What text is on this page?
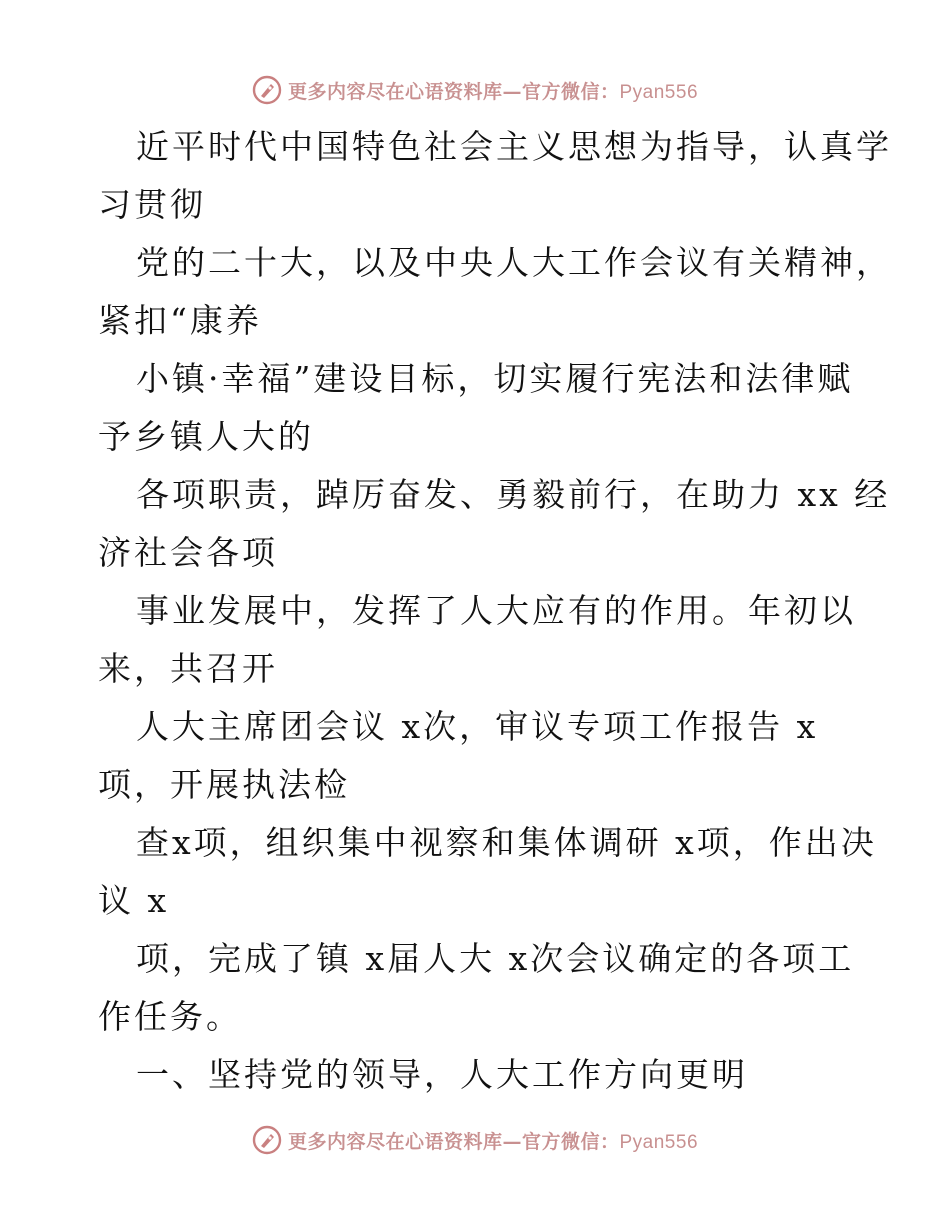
更多内容尽在心语资料库—官方微信：Pyan556
近平时代中国特色社会主义思想为指导，认真学
习贯彻
党的二十大，以及中央人大工作会议有关精神，
紧扣“康养
小镇·幸福”建设目标，切实履行宪法和法律赋
予乡镇人大的
各项职责，踔厉奋发、勇毅前行，在助力 xx 经
济社会各项
事业发展中，发挥了人大应有的作用。年初以
来，共召开
人大主席团会议 x次，审议专项工作报告 x
项，开展执法检
查x项，组织集中视察和集体调研 x项，作出决
议 x
项，完成了镇 x届人大 x次会议确定的各项工
作任务。
一、坚持党的领导，人大工作方向更明
更多内容尽在心语资料库—官方微信：Pyan556
